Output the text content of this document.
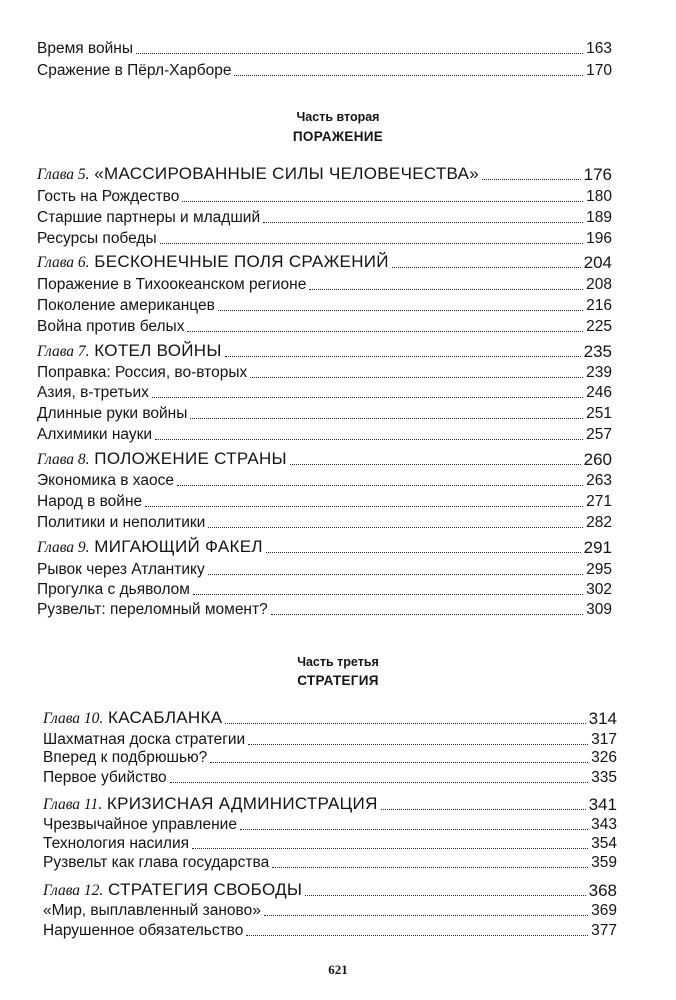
Время войны	163
Сражение в Пёрл-Харборе	170
Часть вторая
ПОРАЖЕНИЕ
Глава 5. «МАССИРОВАННЫЕ СИЛЫ ЧЕЛОВЕЧЕСТВА»	176
Гость на Рождество	180
Старшие партнеры и младший	189
Ресурсы победы	196
Глава 6. БЕСКОНЕЧНЫЕ ПОЛЯ СРАЖЕНИЙ	204
Поражение в Тихоокеанском регионе	208
Поколение американцев	216
Война против белых	225
Глава 7. КОТЕЛ ВОЙНЫ	235
Поправка: Россия, во-вторых	239
Азия, в-третьих	246
Длинные руки войны	251
Алхимики науки	257
Глава 8. ПОЛОЖЕНИЕ СТРАНЫ	260
Экономика в хаосе	263
Народ в войне	271
Политики и неполитики	282
Глава 9. МИГАЮЩИЙ ФАКЕЛ	291
Рывок через Атлантику	295
Прогулка с дьяволом	302
Рузвельт: переломный момент?	309
Часть третья
СТРАТЕГИЯ
Глава 10. КАСАБЛАНКА	314
Шахматная доска стратегии	317
Вперед к подбрюшью?	326
Первое убийство	335
Глава 11. КРИЗИСНАЯ АДМИНИСТРАЦИЯ	341
Чрезвычайное управление	343
Технология насилия	354
Рузвельт как глава государства	359
Глава 12. СТРАТЕГИЯ СВОБОДЫ	368
«Мир, выплавленный заново»	369
Нарушенное обязательство	377
621
